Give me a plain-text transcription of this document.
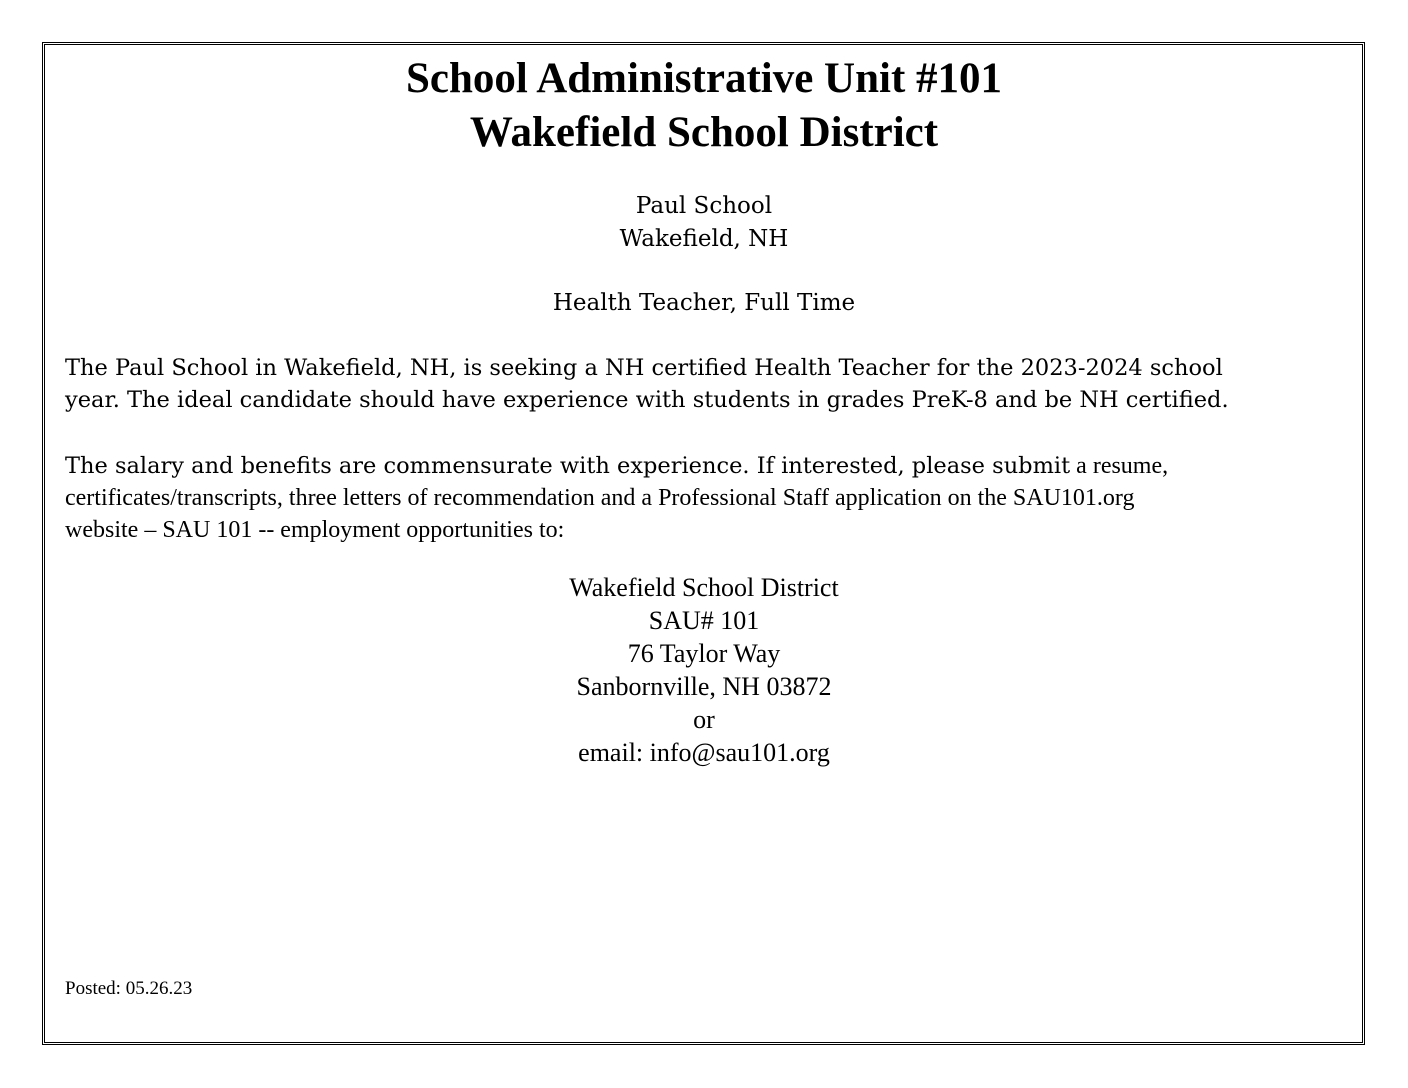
School Administrative Unit #101
Wakefield School District
Paul School
Wakefield, NH
Health Teacher, Full Time
The Paul School in Wakefield, NH, is seeking a NH certified Health Teacher for the 2023-2024 school
year. The ideal candidate should have experience with students in grades PreK-8 and be NH certified.
The salary and benefits are commensurate with experience. If interested, please submit a resume,
certificates/transcripts, three letters of recommendation and a Professional Staff application on the SAU101.org
website – SAU 101 -- employment opportunities to:
Wakefield School District
SAU# 101
76 Taylor Way
Sanbornville, NH 03872
or
email: info@sau101.org
Posted: 05.26.23
